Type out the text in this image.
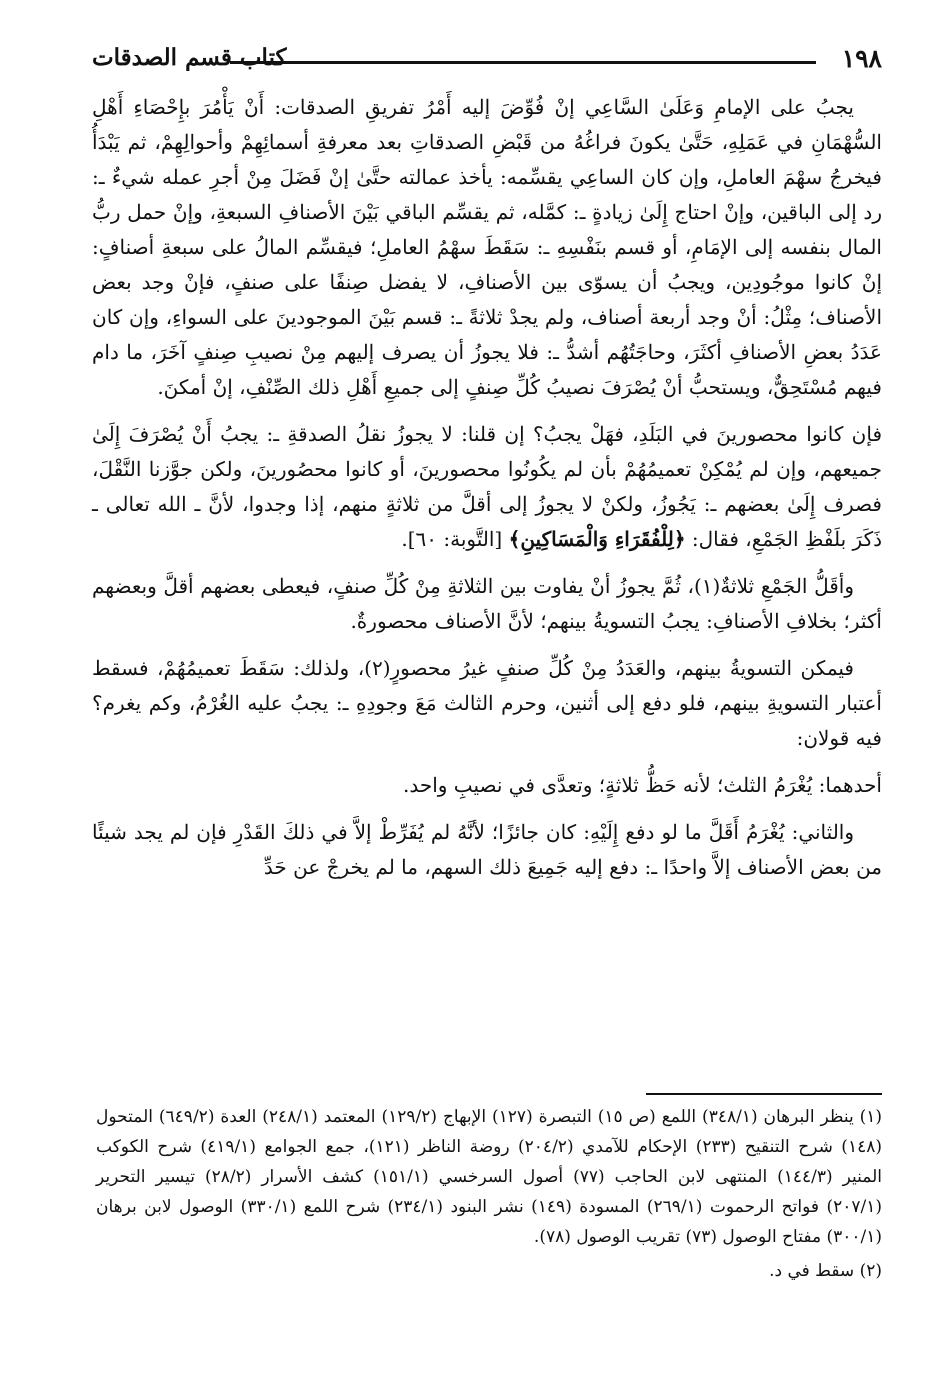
١٩٨
كتاب قسم الصدقات

يجبُ على الإمامِ وَعَلَىٰ السَّاعِي إنْ فُوِّضَ إليه أَمْرُ تفريقِ الصدقات: أَنْ يَأْمُرَ بإِحْصَاءِ أَهْلِ السُّهْمَانِ في عَمَلِهِ، حَتَّىٰ يكونَ فراغُهُ من قَبْضِ الصدقاتِ بعد معرفةِ أسمائِهِمْ وأحوالِهِمْ، ثم يَبْدَأُ فيخرجُ سهْمَ العاملِ، وإن كان الساعِي يقسِّمه: يأخذ عمالته حتَّىٰ إنْ فَضَلَ مِنْ أجرِ عمله شيءٌ ـ: رد إلى الباقين، وإنْ احتاج إِلَىٰ زيادةٍ ـ: كمَّله، ثم يقسِّم الباقي بَيْنَ الأصنافِ السبعةِ، وإنْ حمل ربُّ المال بنفسه إلى الإمَامِ، أو قسم بنَفْسِهِ ـ: سَقَطَ سهْمُ العاملِ؛ فيقسِّم المالُ على سبعةِ أصنافٍ: إنْ كانوا موجُودِين، ويجبُ أن يسوّى بين الأصنافِ، لا يفضل صِنفًا على صنفٍ، فإنْ وجد بعض الأصناف؛ مِثْلُ: أنْ وجد أربعة أصناف، ولم يجدْ ثلاثةً ـ: قسم بَيْنَ الموجودينَ على السواءِ، وإن كان عَدَدُ بعضِ الأصنافِ أكثَرَ، وحاجَتُهُم أشدُّ ـ: فلا يجوزُ أن يصرف إليهم مِنْ نصيبِ صِنفٍ آخَرَ، ما دام فيهم مُسْتَحِقٌّ، ويستحبُّ أنْ يُصْرَفَ نصيبُ كُلِّ صِنفٍ إلى جميعِ أَهْلِ ذلك الصِّنْفِ، إنْ أمكنَ.

فإن كانوا محصورينَ في البَلَدِ، فهَلْ يجبُ؟ إن قلنا: لا يجوزُ نقلُ الصدقةِ ـ: يجبُ أَنْ يُصْرَفَ إِلَىٰ جميعهم، وإن لم يُمْكِنْ تعميمُهُمْ بأن لم يكُونُوا محصورينَ، أو كانوا محصُورينَ، ولكن جوَّزنا النَّقْلَ، فصرف إِلَىٰ بعضهم ـ: يَجُوزُ، ولكنْ لا يجوزُ إلى أقلَّ من ثلاثةٍ منهم، إذا وجدوا، لأنَّ ـ الله تعالى ـ ذَكَرَ بلَفْظِ الجَمْعِ، فقال: ﴿لِلْفُقَرَاءِ وَالْمَسَاكِينِ﴾ [التَّوبة: ٦٠].

وأقَلُّ الجَمْعِ ثلاثةٌ(١)، ثُمَّ يجوزُ أنْ يفاوت بين الثلاثةِ مِنْ كُلِّ صنفٍ، فيعطى بعضهم أقلَّ وبعضهم أكثر؛ بخلافِ الأصنافِ: يجبُ التسويةُ بينهم؛ لأنَّ الأصناف محصورةٌ.

فيمكن التسويةُ بينهم، والعَدَدُ مِنْ كُلِّ صنفٍ غيرُ محصورٍ(٢)، ولذلك: سَقَطَ تعميمُهُمْ، فسقط أعتبار التسويةِ بينهم، فلو دفع إلى أثنين، وحرم الثالث مَعَ وجودِهِ ـ: يجبُ عليه الغُرْمُ، وكم يغرم؟ فيه قولان:

أحدهما: يُغْرَمُ الثلث؛ لأنه حَظُّ ثلاثةٍ؛ وتعدَّى في نصيبِ واحد.

والثاني: يُغْرَمُ أَقَلَّ ما لو دفع إِلَيْهِ: كان جائزًا؛ لأنَّهُ لم يُفَرِّطْ إلاَّ في ذلكَ القَدْرِ فإن لم يجد شيئًا من بعض الأصناف إلاَّ واحدًا ـ: دفع إليه جَمِيعَ ذلك السهم، ما لم يخرجْ عن حَدِّ

(١) ينظر البرهان (٣٤٨/١) اللمع (ص ١٥) التبصرة (١٢٧) الإبهاج (١٢٩/٢) المعتمد (٢٤٨/١) العدة (٦٤٩/٢) المتحول (١٤٨) شرح التنقيح (٢٣٣) الإحكام للآمدي (٢٠٤/٢) روضة الناظر (١٢١)، جمع الجوامع (٤١٩/١) شرح الكوكب المنير (١٤٤/٣) المنتهى لابن الحاجب (٧٧) أصول السرخسي (١٥١/١) كشف الأسرار (٢٨/٢) تيسير التحرير (٢٠٧/١) فواتح الرحموت (٢٦٩/١) المسودة (١٤٩) نشر البنود (٢٣٤/١) شرح اللمع (٣٣٠/١) الوصول لابن برهان (٣٠٠/١) مفتاح الوصول (٧٣) تقريب الوصول (٧٨).

(٢) سقط في د.
